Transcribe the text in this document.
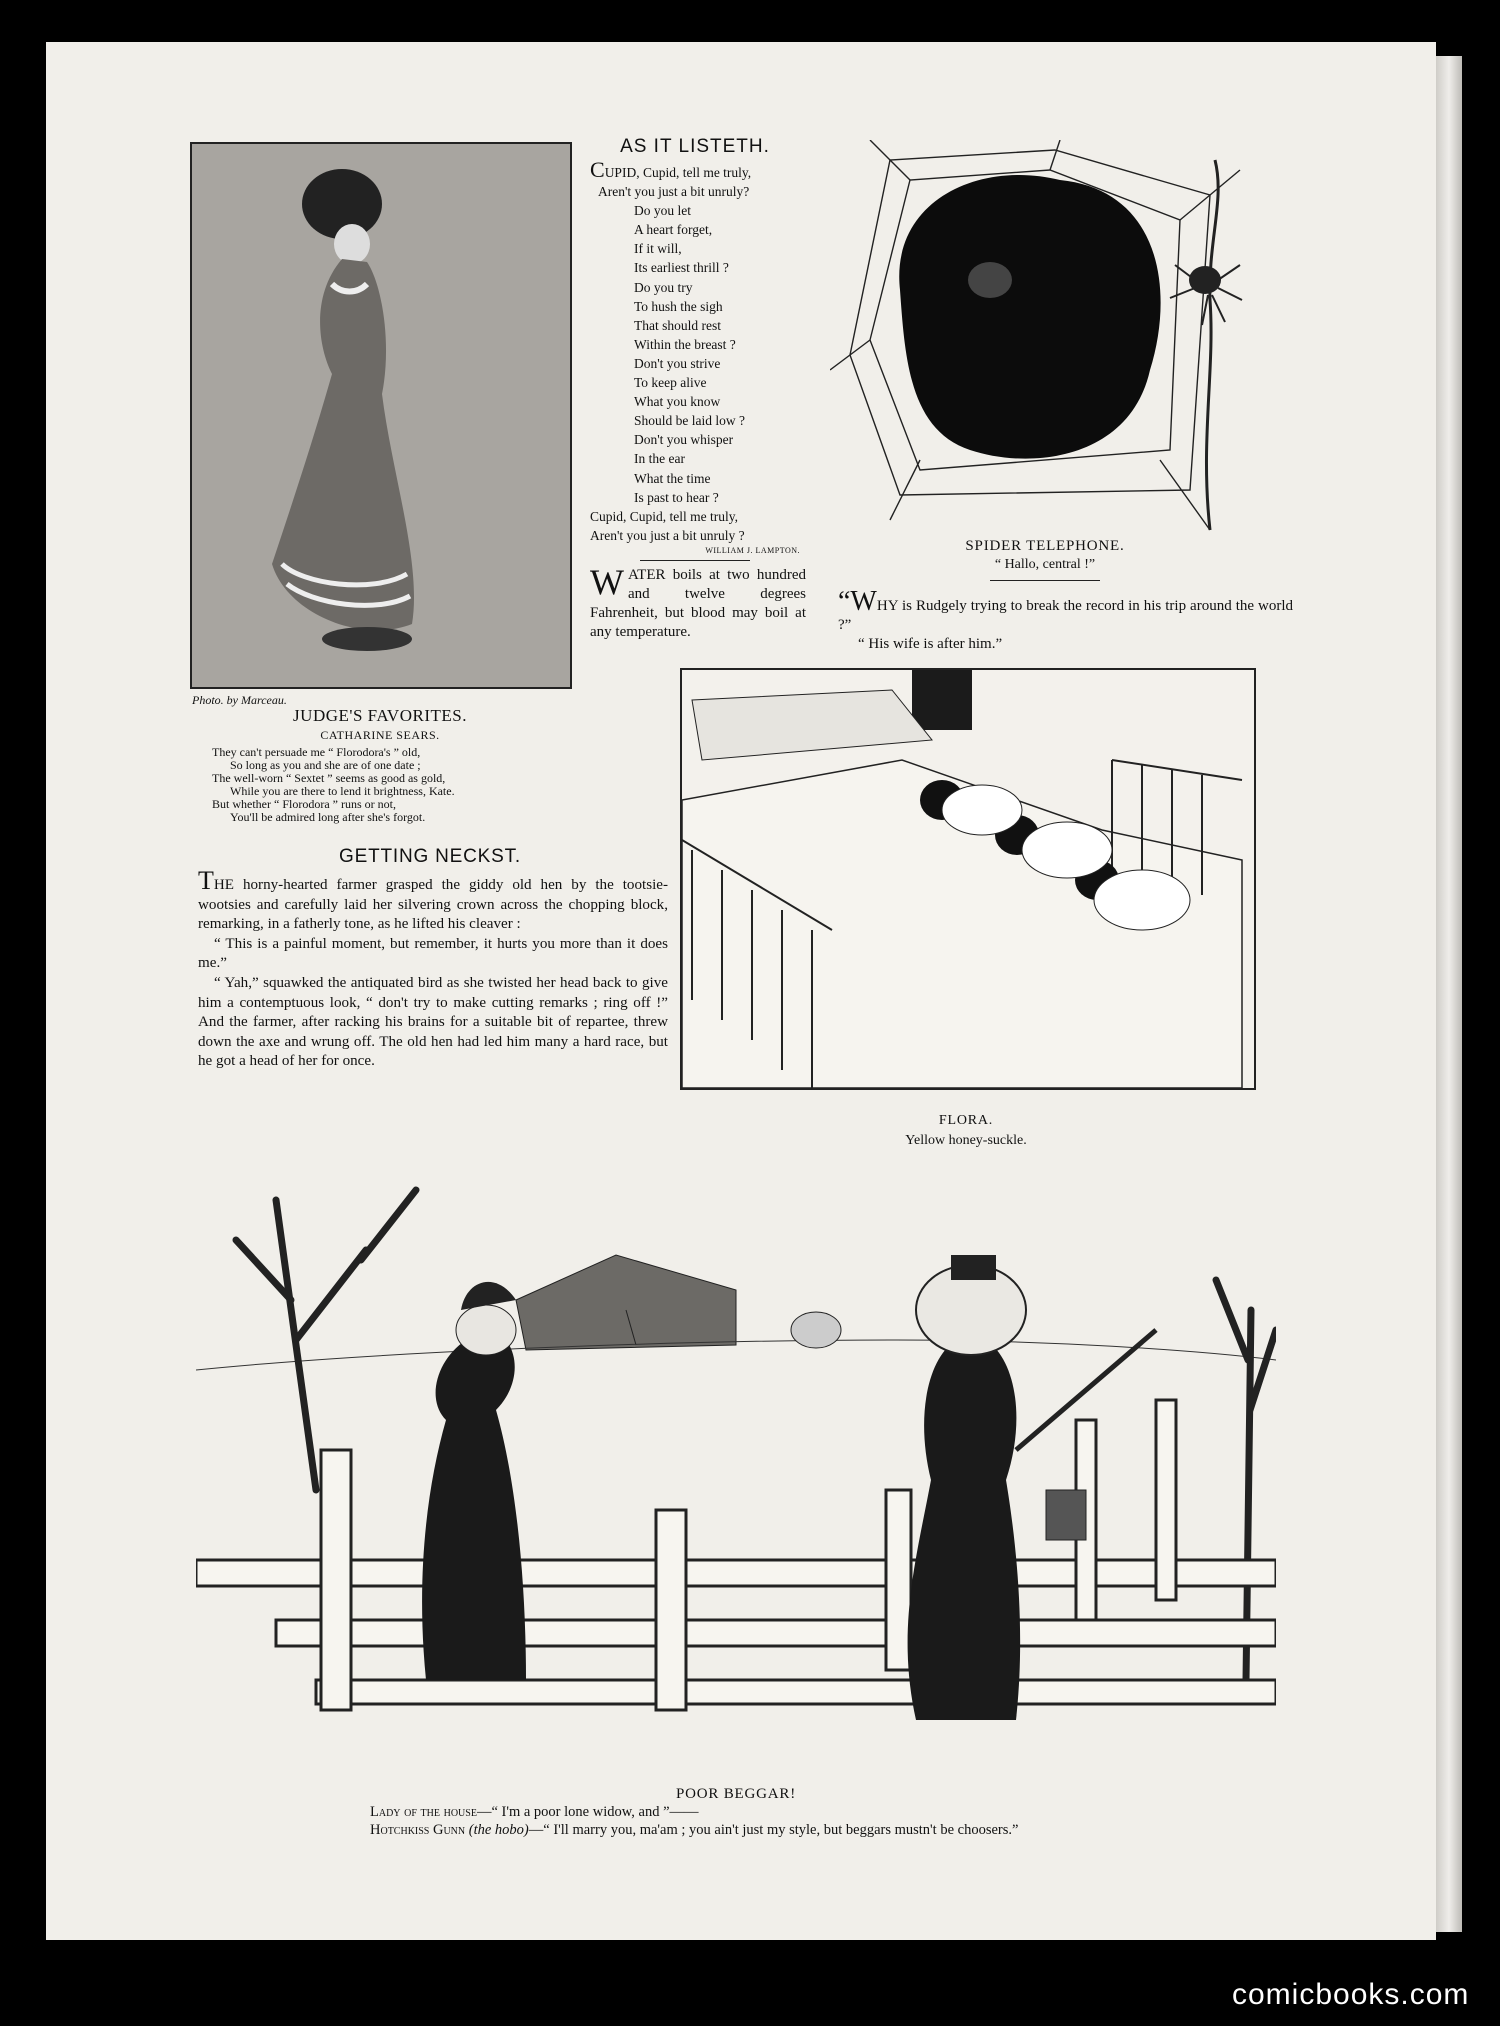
Photo. by Marceau.
JUDGE'S FAVORITES.
CATHARINE SEARS.
They can't persuade me “ Florodora's ” old,
So long as you and she are of one date ;
The well-worn “ Sextet ” seems as good as gold,
While you are there to lend it brightness, Kate.
But whether “ Florodora ” runs or not,
You'll be admired long after she's forgot.
AS IT LISTETH.
CUPID, Cupid, tell me truly,
Aren't you just a bit unruly?
Do you let
A heart forget,
If it will,
Its earliest thrill ?
Do you try
To hush the sigh
That should rest
Within the breast ?
Don't you strive
To keep alive
What you know
Should be laid low ?
Don't you whisper
In the ear
What the time
Is past to hear ?
Cupid, Cupid, tell me truly,
Aren't you just a bit unruly ?
WILLIAM J. LAMPTON.
WATER boils at two hundred and twelve degrees Fahrenheit, but blood may boil at any temperature.
SPIDER TELEPHONE.
“ Hallo, central !”
“WHY is Rudgely trying to break the record in his trip around the world ?”
“ His wife is after him.”
FLORA.
Yellow honey-suckle.
GETTING NECKST.

THE horny-hearted farmer grasped the giddy old hen by the tootsie-wootsies and carefully laid her silvering crown across the chopping block, remarking, in a fatherly tone, as he lifted his cleaver :

“ This is a painful moment, but remember, it hurts you more than it does me.”

“ Yah,” squawked the antiquated bird as she twisted her head back to give him a contemptuous look, “ don't try to make cutting remarks ; ring off !” And the farmer, after racking his brains for a suitable bit of repartee, threw down the axe and wrung off. The old hen had led him many a hard race, but he got a head of her for once.

POOR BEGGAR!
Lady of the house—“ I'm a poor lone widow, and ”——
Hotchkiss Gunn (the hobo)—“ I'll marry you, ma'am ; you ain't just my style, but beggars mustn't be choosers.”
comicbooks.com
